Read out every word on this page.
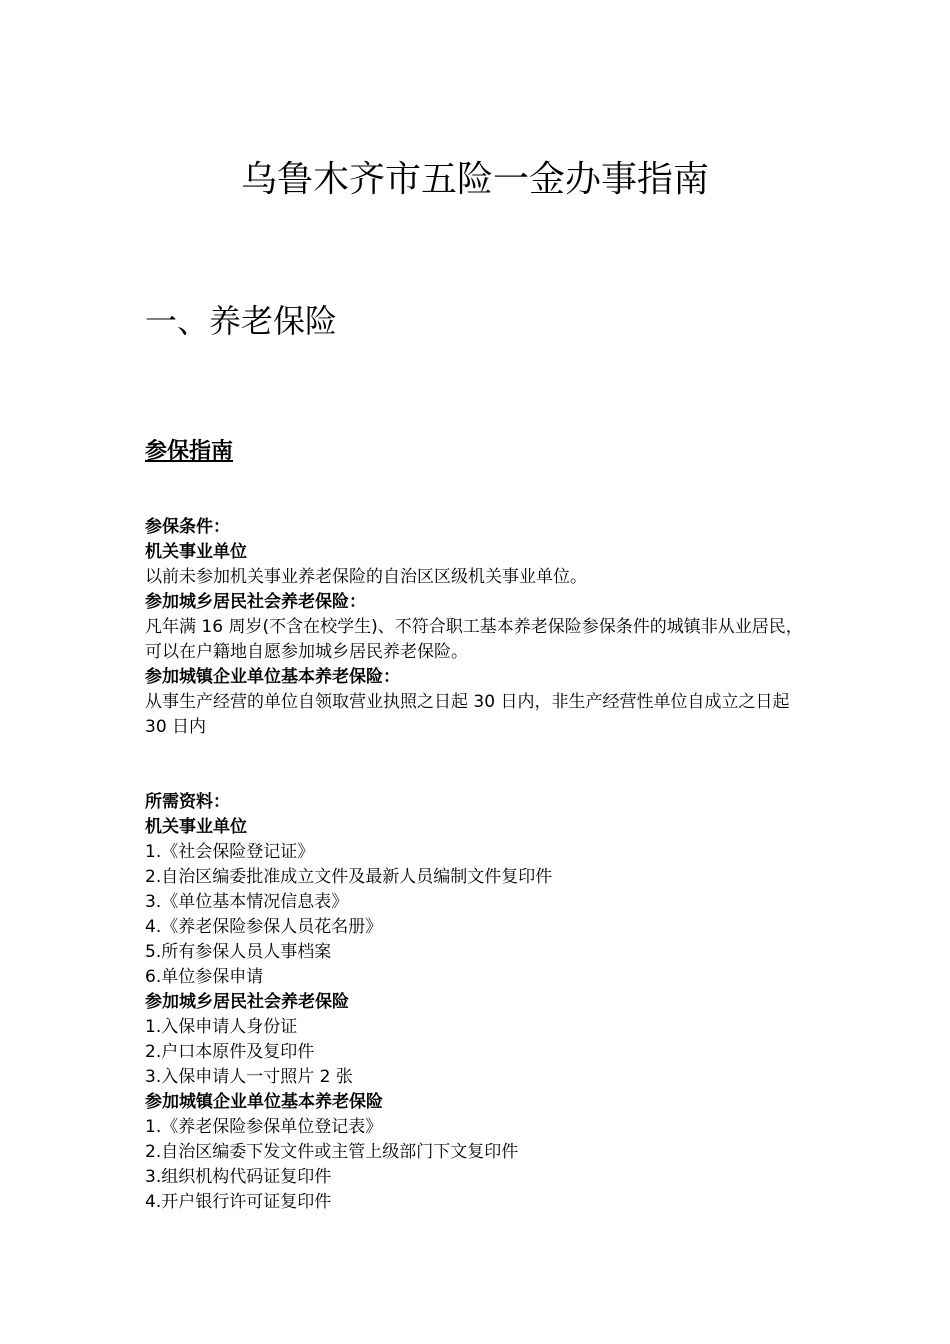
乌鲁木齐市五险一金办事指南
一、养老保险
参保指南

参保条件：

机关事业单位

以前未参加机关事业养老保险的自治区区级机关事业单位。

参加城乡居民社会养老保险：

凡年满 16 周岁(不含在校学生)、不符合职工基本养老保险参保条件的城镇非从业居民，可以在户籍地自愿参加城乡居民养老保险。

参加城镇企业单位基本养老保险：

从事生产经营的单位自领取营业执照之日起 30 日内，非生产经营性单位自成立之日起 30 日内

所需资料：

机关事业单位

1.《社会保险登记证》

2.自治区编委批准成立文件及最新人员编制文件复印件

3.《单位基本情况信息表》

4.《养老保险参保人员花名册》

5.所有参保人员人事档案

6.单位参保申请

参加城乡居民社会养老保险

1.入保申请人身份证

2.户口本原件及复印件

3.入保申请人一寸照片 2 张

参加城镇企业单位基本养老保险

1.《养老保险参保单位登记表》

2.自治区编委下发文件或主管上级部门下文复印件

3.组织机构代码证复印件

4.开户银行许可证复印件
